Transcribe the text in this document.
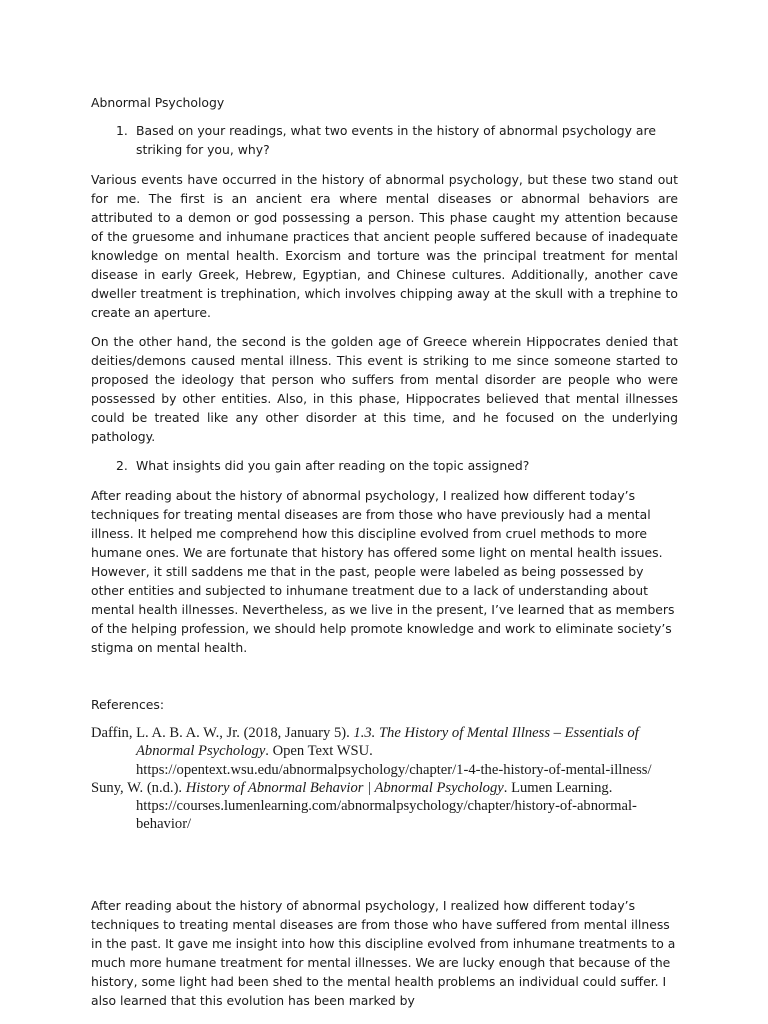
Abnormal Psychology
1. Based on your readings, what two events in the history of abnormal psychology are striking for you, why?

Various events have occurred in the history of abnormal psychology, but these two stand out for me. The first is an ancient era where mental diseases or abnormal behaviors are attributed to a demon or god possessing a person. This phase caught my attention because of the gruesome and inhumane practices that ancient people suffered because of inadequate knowledge on mental health. Exorcism and torture was the principal treatment for mental disease in early Greek, Hebrew, Egyptian, and Chinese cultures. Additionally, another cave dweller treatment is trephination, which involves chipping away at the skull with a trephine to create an aperture.

On the other hand, the second is the golden age of Greece wherein Hippocrates denied that deities/demons caused mental illness. This event is striking to me since someone started to proposed the ideology that person who suffers from mental disorder are people who were possessed by other entities. Also, in this phase, Hippocrates believed that mental illnesses could be treated like any other disorder at this time, and he focused on the underlying pathology.

2. What insights did you gain after reading on the topic assigned?

After reading about the history of abnormal psychology, I realized how different today’s techniques for treating mental diseases are from those who have previously had a mental illness. It helped me comprehend how this discipline evolved from cruel methods to more humane ones. We are fortunate that history has offered some light on mental health issues. However, it still saddens me that in the past, people were labeled as being possessed by other entities and subjected to inhumane treatment due to a lack of understanding about mental health illnesses. Nevertheless, as we live in the present, I’ve learned that as members of the helping profession, we should help promote knowledge and work to eliminate society’s stigma on mental health.

References:

Daffin, L. A. B. A. W., Jr. (2018, January 5). 1.3. The History of Mental Illness – Essentials of Abnormal Psychology. Open Text WSU.
https://opentext.wsu.edu/abnormalpsychology/chapter/1-4-the-history-of-mental-illness/

Suny, W. (n.d.). History of Abnormal Behavior | Abnormal Psychology. Lumen Learning.
https://courses.lumenlearning.com/abnormalpsychology/chapter/history-of-abnormal-behavior/

After reading about the history of abnormal psychology, I realized how different today’s techniques to treating mental diseases are from those who have suffered from mental illness in the past. It gave me insight into how this discipline evolved from inhumane treatments to a much more humane treatment for mental illnesses. We are lucky enough that because of the history, some light had been shed to the mental health problems an individual could suffer. I also learned that this evolution has been marked by
